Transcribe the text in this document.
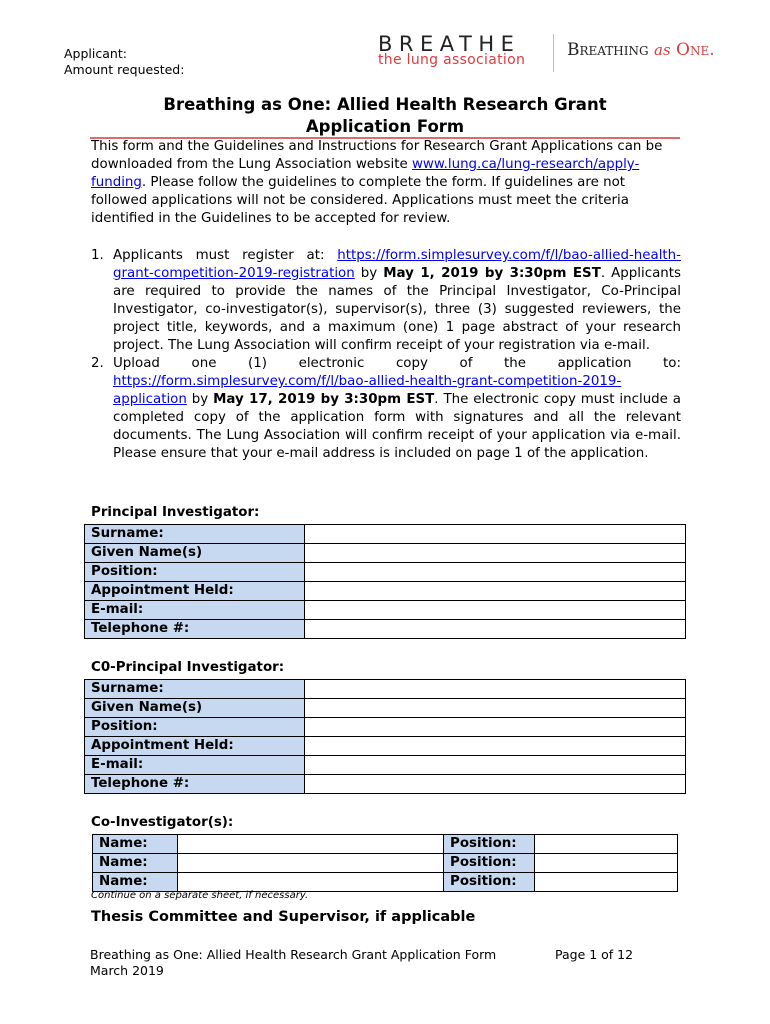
Applicant:
Amount requested:
BREATHE
the lung association Breathing as One.
Breathing as One: Allied Health Research Grant
Application Form
This form and the Guidelines and Instructions for Research Grant Applications can be downloaded from the Lung Association website www.lung.ca/lung-research/apply-funding. Please follow the guidelines to complete the form. If guidelines are not followed applications will not be considered. Applications must meet the criteria identified in the Guidelines to be accepted for review.
1. Applicants must register at: https://form.simplesurvey.com/f/l/bao-allied-health-grant-competition-2019-registration by May 1, 2019 by 3:30pm EST. Applicants are required to provide the names of the Principal Investigator, Co-Principal Investigator, co-investigator(s), supervisor(s), three (3) suggested reviewers, the project title, keywords, and a maximum (one) 1 page abstract of your research project. The Lung Association will confirm receipt of your registration via e-mail.
2. Upload one (1) electronic copy of the application to: https://form.simplesurvey.com/f/l/bao-allied-health-grant-competition-2019-application by May 17, 2019 by 3:30pm EST. The electronic copy must include a completed copy of the application form with signatures and all the relevant documents. The Lung Association will confirm receipt of your application via e-mail. Please ensure that your e-mail address is included on page 1 of the application.
Principal Investigator:
Surname:	
Given Name(s)	
Position:	
Appointment Held:	
E-mail:	
Telephone #:	
C0-Principal Investigator:
Surname:	
Given Name(s)	
Position:	
Appointment Held:	
E-mail:	
Telephone #:	
Co-Investigator(s):
Name:		Position:	
Name:		Position:	
Name:		Position:	
Continue on a separate sheet, if necessary.
Thesis Committee and Supervisor, if applicable
Breathing as One: Allied Health Research Grant Application Form
March 2019
Page 1 of 12
